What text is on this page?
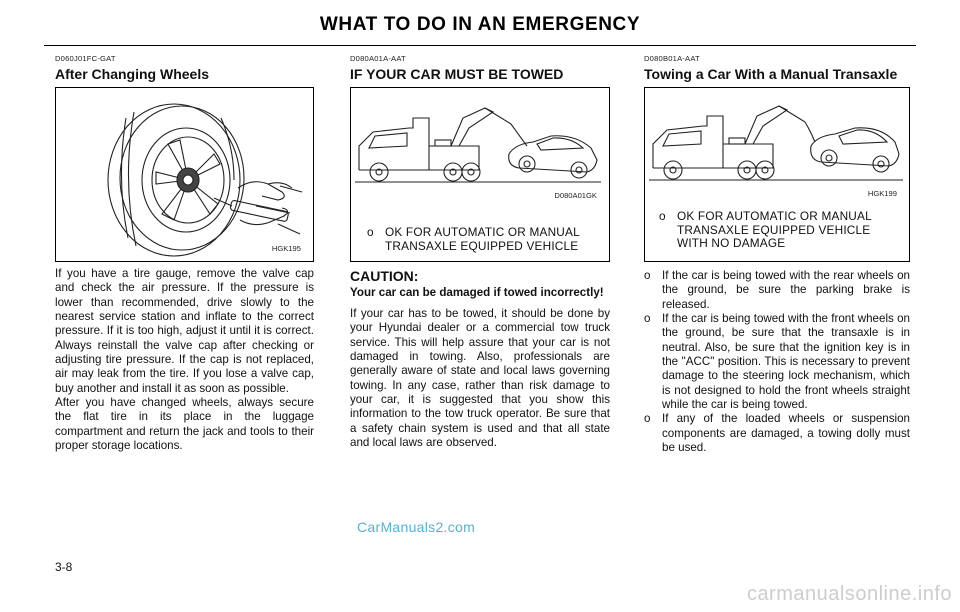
WHAT TO DO IN AN EMERGENCY
D060J01FC-GAT
After Changing Wheels
HGK195

If you have a tire gauge, remove the valve cap and check the air pressure. If the pressure is lower than recommended, drive slowly to the nearest service station and inflate to the correct pressure. If it is too high, adjust it until it is correct. Always reinstall the valve cap after checking or adjusting tire pressure. If the cap is not replaced, air may leak from the tire. If you lose a valve cap, buy another and install it as soon as possible.

After you have changed wheels, always secure the flat tire in its place in the luggage compartment and return the jack and tools to their proper storage locations.

D080A01A-AAT
IF YOUR CAR MUST BE TOWED
D080A01GK
o OK FOR AUTOMATIC OR MANUAL TRANSAXLE EQUIPPED VEHICLE
CAUTION:
Your car can be damaged if towed incorrectly!
If your car has to be towed, it should be done by your Hyundai dealer or a commercial tow truck service. This will help assure that your car is not damaged in towing. Also, professionals are generally aware of state and local laws governing towing. In any case, rather than risk damage to your car, it is suggested that you show this information to the tow truck operator. Be sure that a safety chain system is used and that all state and local laws are observed.
D080B01A-AAT
Towing a Car With a Manual Transaxle
HGK199
o OK FOR AUTOMATIC OR MANUAL TRANSAXLE EQUIPPED VEHICLE WITH NO DAMAGE
o If the car is being towed with the rear wheels on the ground, be sure the parking brake is released.
o If the car is being towed with the front wheels on the ground, be sure that the transaxle is in neutral. Also, be sure that the ignition key is in the "ACC" position. This is necessary to prevent damage to the steering lock mechanism, which is not designed to hold the front wheels straight while the car is being towed.
o If any of the loaded wheels or suspension components are damaged, a towing dolly must be used.
CarManuals2.com
3-8
carmanualsonline.info
